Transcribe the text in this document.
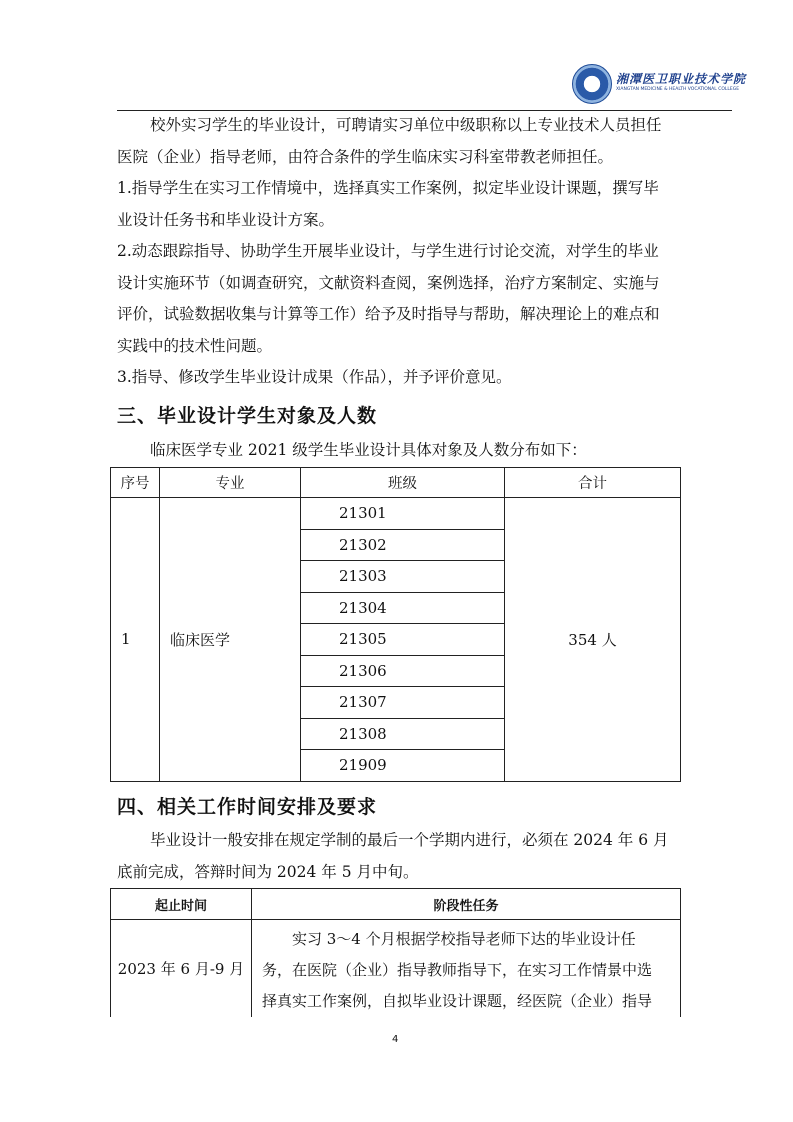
湘潭医卫职业技术学院
XIANGTAN MEDICINE & HEALTH VOCATIONAL COLLEGE
校外实习学生的毕业设计，可聘请实习单位中级职称以上专业技术人员担任
医院（企业）指导老师，由符合条件的学生临床实习科室带教老师担任。
1.指导学生在实习工作情境中，选择真实工作案例，拟定毕业设计课题，撰写毕
业设计任务书和毕业设计方案。
2.动态跟踪指导、协助学生开展毕业设计，与学生进行讨论交流，对学生的毕业
设计实施环节（如调查研究，文献资料查阅，案例选择，治疗方案制定、实施与
评价，试验数据收集与计算等工作）给予及时指导与帮助，解决理论上的难点和
实践中的技术性问题。
3.指导、修改学生毕业设计成果（作品），并予评价意见。
三、毕业设计学生对象及人数
临床医学专业 2021 级学生毕业设计具体对象及人数分布如下：
序号	专业	班级	合计
1	临床医学	21301	354 人
		21302	
		21303	
		21304	
		21305	
		21306	
		21307	
		21308	
		21909	
四、相关工作时间安排及要求
毕业设计一般安排在规定学制的最后一个学期内进行，必须在 2024 年 6 月
底前完成，答辩时间为 2024 年 5 月中旬。
起止时间	阶段性任务
2023 年 6 月-9 月	实习 3～4 个月根据学校指导老师下达的毕业设计任
务，在医院（企业）指导教师指导下，在实习工作情景中选
择真实工作案例，自拟毕业设计课题，经医院（企业）指导
4
